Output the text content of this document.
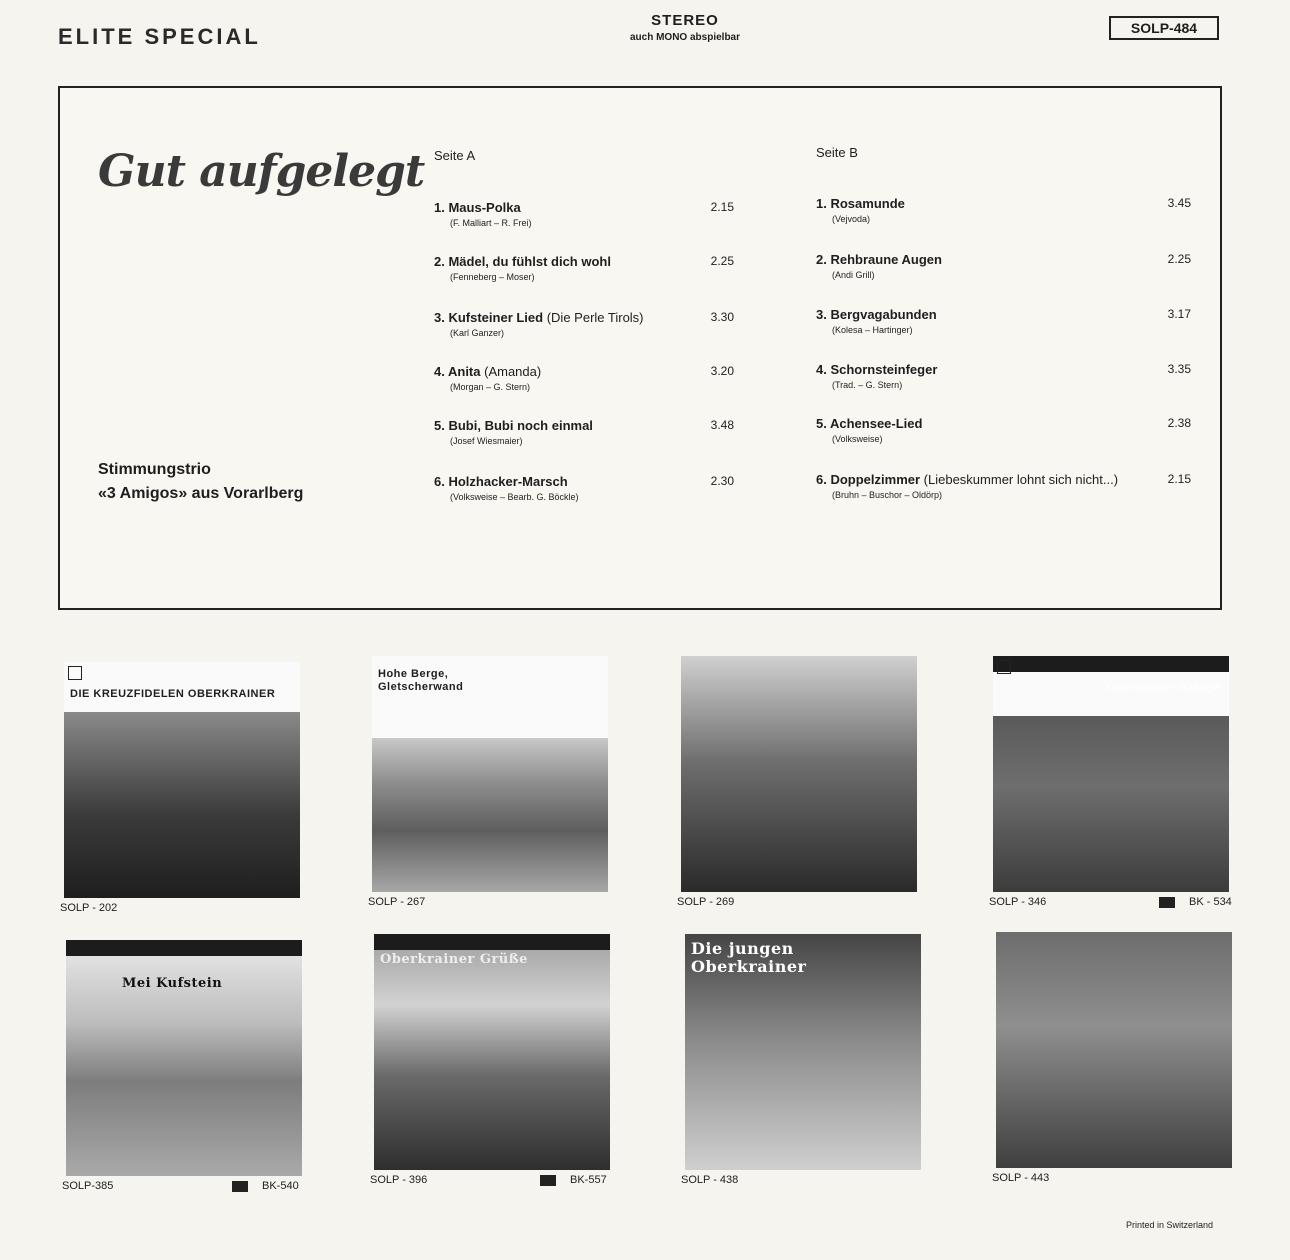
ELITE SPECIAL
STEREO
auch MONO abspielbar
SOLP-484
Gut aufgelegt
Stimmungstrio
«3 Amigos» aus Vorarlberg
Seite A	Seite B
1. Maus-Polka
(F. Malliart – R. Frei)
2.15
2. Mädel, du fühlst dich wohl
(Fenneberg – Moser)
2.25
3. Kufsteiner Lied (Die Perle Tirols)
(Karl Ganzer)
3.30
4. Anita (Amanda)
(Morgan – G. Stern)
3.20
5. Bubi, Bubi noch einmal
(Josef Wiesmaier)
3.48
6. Holzhacker-Marsch
(Volksweise – Bearb. G. Böckle)
2.30
1. Rosamunde
(Vejvoda)
3.45
2. Rehbraune Augen
(Andi Grill)
2.25
3. Bergvagabunden
(Kolesa – Hartinger)
3.17
4. Schornsteinfeger
(Trad. – G. Stern)
3.35
5. Achensee-Lied
(Volksweise)
2.38
6. Doppelzimmer (Liebeskummer lohnt sich nicht...)
(Bruhn – Buschor – Oldörp)
2.15
DIE KREUZFIDELEN OBERKRAINER
SOLP - 202
Hohe Berge, Gletscherwand
SOLP - 267	SOLP - 269
Oberkrainer-Klänge
SOLP - 346	BK - 534
Mei Kufstein
SOLP-385	BK-540
Oberkrainer Grüße
SOLP - 396	BK-557
Die jungen Oberkrainer
SOLP - 438	SOLP - 443
Printed in Switzerland
